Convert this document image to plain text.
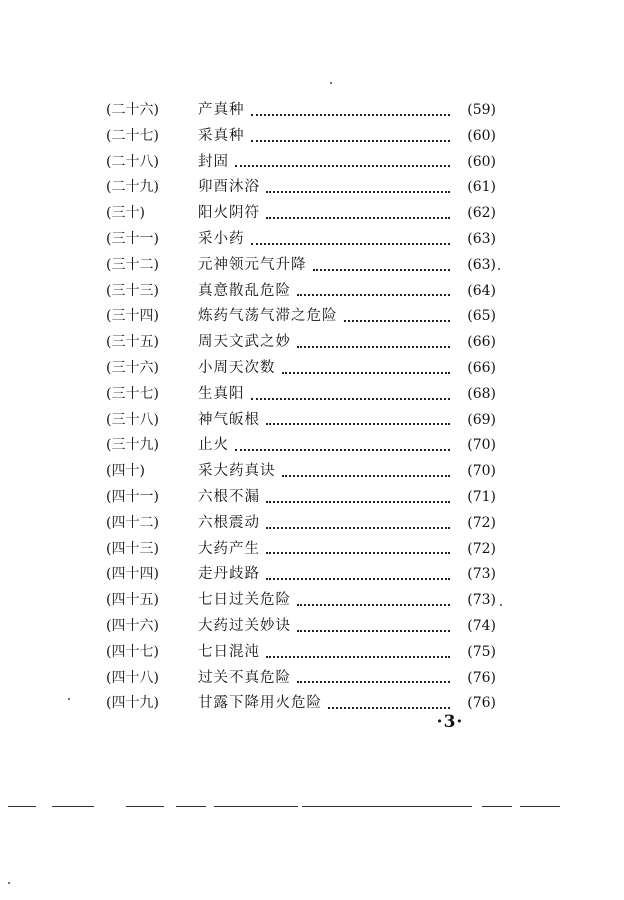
(二十六)	产真种	(59)
(二十七)	采真种	(60)
(二十八)	封固	(60)
(二十九)	卯酉沐浴	(61)
(三十)	阳火阴符	(62)
(三十一)	采小药	(63)
(三十二)	元神领元气升降	(63)
(三十三)	真意散乱危险	(64)
(三十四)	炼药气荡气滞之危险	(65)
(三十五)	周天文武之妙	(66)
(三十六)	小周天次数	(66)
(三十七)	生真阳	(68)
(三十八)	神气皈根	(69)
(三十九)	止火	(70)
(四十)	采大药真诀	(70)
(四十一)	六根不漏	(71)
(四十二)	六根震动	(72)
(四十三)	大药产生	(72)
(四十四)	走丹歧路	(73)
(四十五)	七日过关危险	(73)
(四十六)	大药过关妙诀	(74)
(四十七)	七日混沌	(75)
(四十八)	过关不真危险	(76)
(四十九)	甘露下降用火危险	(76)
·3·
